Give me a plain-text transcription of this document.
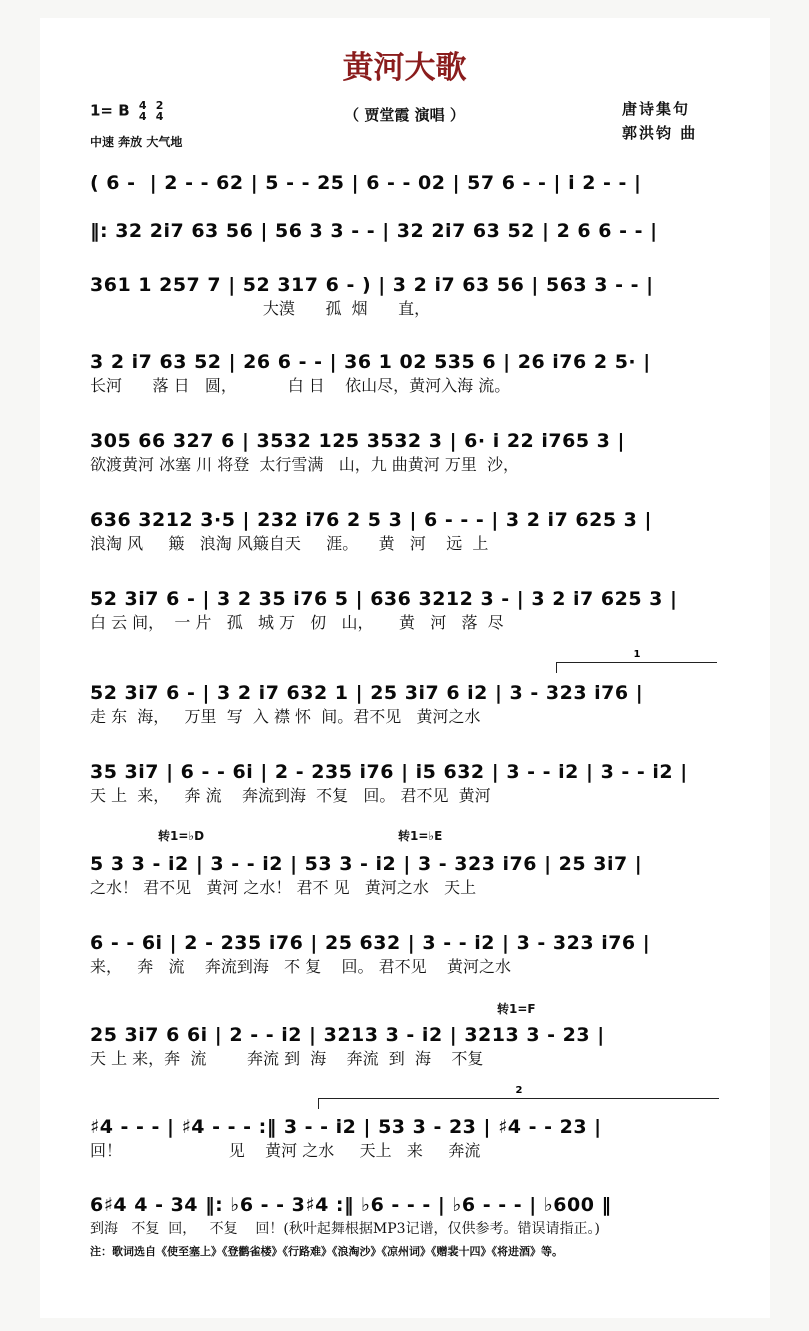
黄河大歌
（ 贾堂霞 演唱 ）
1= B 4
4

2
4
中速 奔放 大气地
唐诗集句
郭洪钧 曲
( 6 -  | 2 - - 62 | 5 - - 25 | 6 - - 02 | 57 6 - - | i 2 - - |
‖: 32 2i7 63 56 | 56 3 3 - - | 32 2i7 63 52 | 2 6 6 - - |
361 1 257 7 | 52 317 6 - ) | 3 2 i7 63 56 | 563 3 - - |
大漠      孤  烟      直，
3 2 i7 63 52 | 26 6 - - | 36 1 02 535 6 | 26 i76 2 5· |
长河      落 日   圆，          白 日    依山尽，黄河入海 流。
305 66 327 6 | 3532 125 3532 3 | 6· i 22 i765 3 |
欲渡黄河 冰塞 川 将登  太行雪满   山，九 曲黄河 万里  沙，
636 3212 3·5 | 232 i76 2 5 3 | 6 - - - | 3 2 i7 625 3 |
浪淘 风     簸   浪淘 风簸自天     涯。    黄   河    远  上
52 3i7 6 - | 3 2 35 i76 5 | 636 3212 3 - | 3 2 i7 625 3 |
白 云 间，  一 片   孤   城 万   仞   山，     黄   河   落  尽
52 3i7 6 - | 3 2 i7 632 1 | 25 3i7 6 i2 | 3 - 323 i76 |
走 东  海，   万里  写  入 襟 怀  间。君不见   黄河之水
35 3i7 | 6 - - 6i | 2 - 235 i76 | i5 632 | 3 - - i2 | 3 - - i2 |
天 上  来，   奔 流    奔流到海  不复   回。 君不见  黄河
5 3 3 - i2 | 3 - - i2 | 53 3 - i2 | 3 - 323 i76 | 25 3i7 |
之水！ 君不见   黄河 之水！ 君不 见   黄河之水   天上
6 - - 6i | 2 - 235 i76 | 25 632 | 3 - - i2 | 3 - 323 i76 |
来，   奔   流    奔流到海   不 复    回。 君不见    黄河之水
25 3i7 6 6i | 2 - - i2 | 3213 3 - i2 | 3213 3 - 23 |
天 上 来，奔  流        奔流 到  海    奔流  到  海    不复
♯4 - - - | ♯4 - - - :‖ 3 - - i2 | 53 3 - 23 | ♯4 - - 23 |
回！                     见    黄河 之水     天上   来     奔流
6♯4 4 - 34 ‖: ♭6 - - 3♯4 :‖ ♭6 - - - | ♭6 - - - | ♭600 ‖
到海   不复  回，   不复    回！(秋叶起舞根据MP3记谱，仅供参考。错误请指正。)
转1=♭D	转1=♭E
转1=F
1
2
注：歌词选自《使至塞上》《登鹳雀楼》《行路难》《浪淘沙》《凉州词》《赠裴十四》《将进酒》等。
